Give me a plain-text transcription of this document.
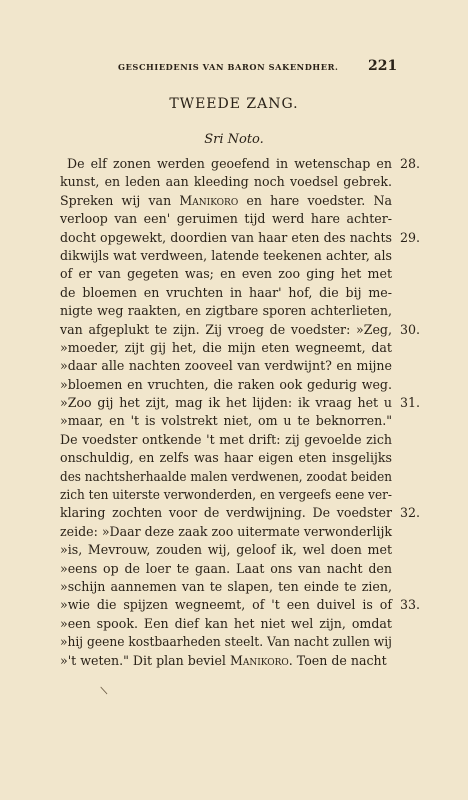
GESCHIEDENIS VAN BARON SAKENDHER.	221
TWEEDE ZANG.
Sri Noto.
De elf zonen werden geoefend in wetenschap en 28.
kunst, en leden aan kleeding noch voedsel gebrek.
Spreken wij van Manikoro en hare voedster. Na
verloop van een' geruimen tijd werd hare achter-
docht opgewekt, doordien van haar eten des nachts 29.
dikwijls wat verdween, latende teekenen achter, als
of er van gegeten was; en even zoo ging het met
de bloemen en vruchten in haar' hof, die bij me-
nigte weg raakten, en zigtbare sporen achterlieten,
van afgeplukt te zijn. Zij vroeg de voedster: »Zeg, 30.
»moeder, zijt gij het, die mijn eten wegneemt, dat
»daar alle nachten zooveel van verdwijnt? en mijne
»bloemen en vruchten, die raken ook gedurig weg.
»Zoo gij het zijt, mag ik het lijden: ik vraag het u 31.
»maar, en 't is volstrekt niet, om u te beknorren."
De voedster ontkende 't met drift: zij gevoelde zich
onschuldig, en zelfs was haar eigen eten insgelijks
des nachtsherhaalde malen verdwenen, zoodat beiden
zich ten uiterste verwonderden, en vergeefs eene ver-
klaring zochten voor de verdwijning. De voedster 32.
zeide: »Daar deze zaak zoo uitermate verwonderlijk
»is, Mevrouw, zouden wij, geloof ik, wel doen met
»eens op de loer te gaan. Laat ons van nacht den
»schijn aannemen van te slapen, ten einde te zien,
»wie die spijzen wegneemt, of 't een duivel is of 33.
»een spook. Een dief kan het niet wel zijn, omdat
»hij geene kostbaarheden steelt. Van nacht zullen wij
»'t weten." Dit plan beviel Manikoro. Toen de nacht
/
